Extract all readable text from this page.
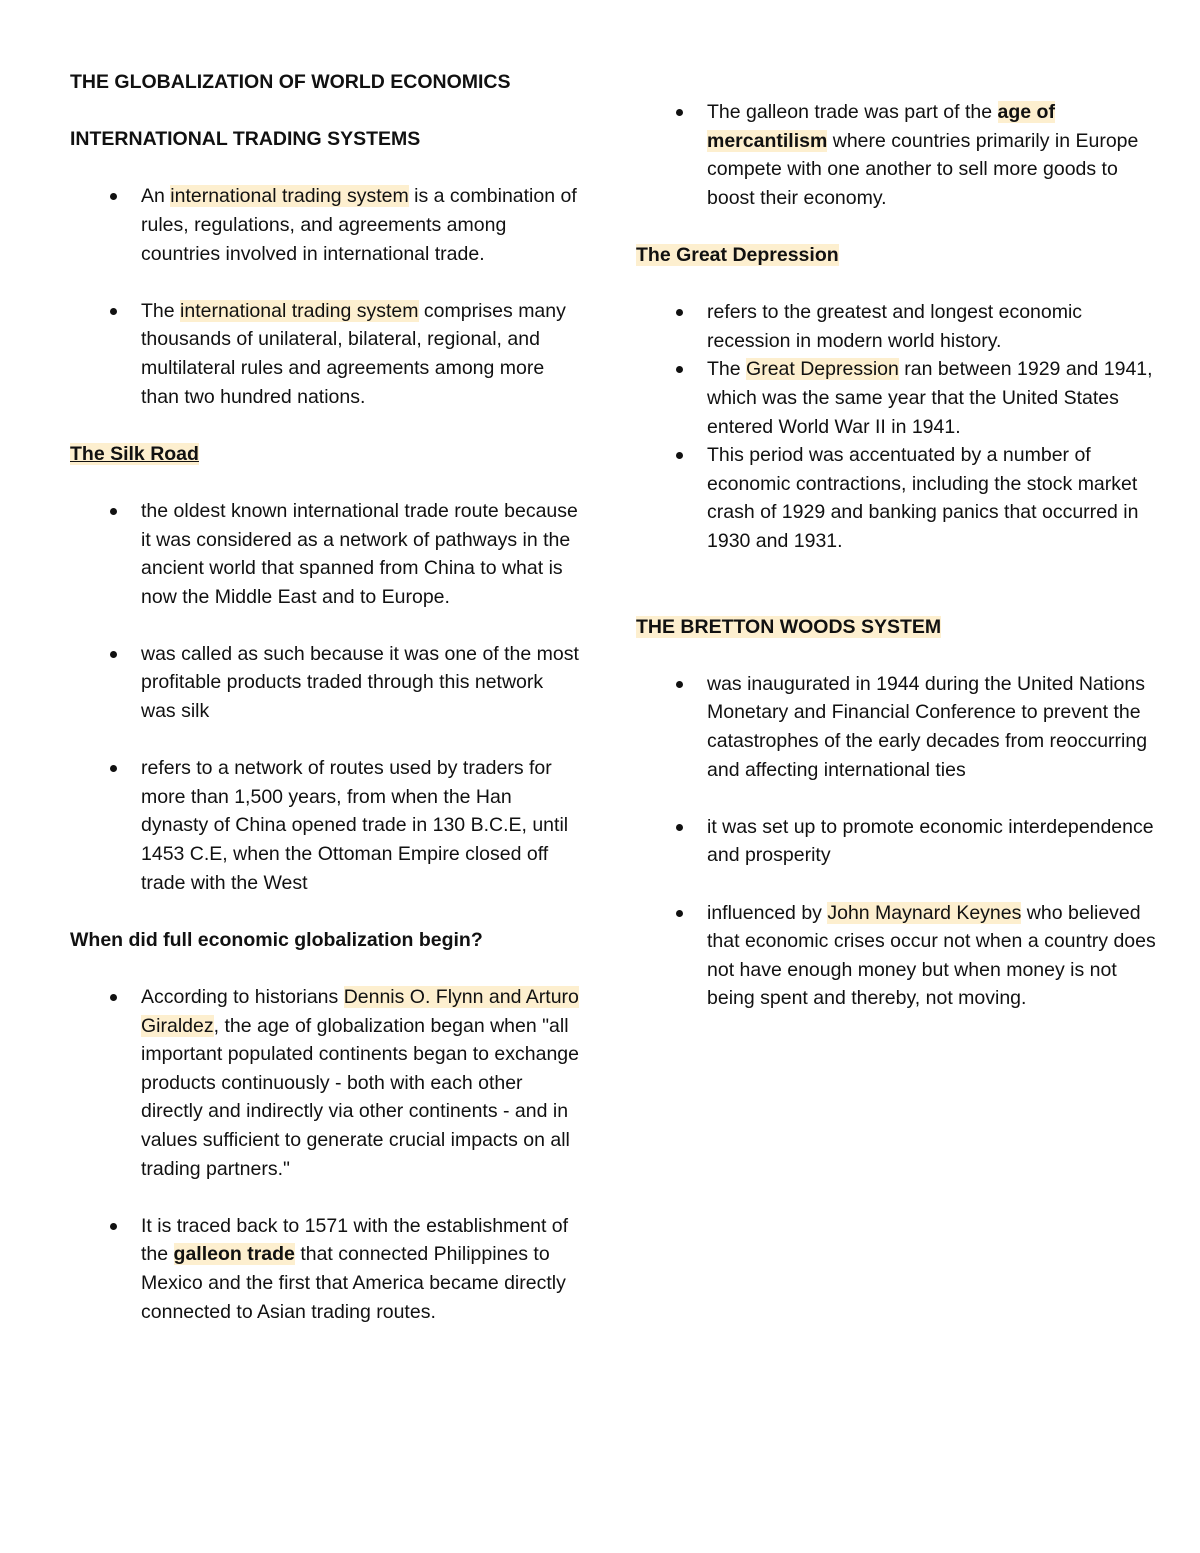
THE GLOBALIZATION OF WORLD ECONOMICS

INTERNATIONAL TRADING SYSTEMS

An international trading system is a combination of rules, regulations, and agreements among countries involved in international trade.
The international trading system comprises many thousands of unilateral, bilateral, regional, and multilateral rules and agreements among more than two hundred nations.

The Silk Road

the oldest known international trade route because it was considered as a network of pathways in the ancient world that spanned from China to what is now the Middle East and to Europe.
was called as such because it was one of the most profitable products traded through this network was silk
refers to a network of routes used by traders for more than 1,500 years, from when the Han dynasty of China opened trade in 130 B.C.E, until 1453 C.E, when the Ottoman Empire closed off trade with the West

When did full economic globalization begin?

According to historians Dennis O. Flynn and Arturo Giraldez, the age of globalization began when "all important populated continents began to exchange products continuously - both with each other directly and indirectly via other continents - and in values sufficient to generate crucial impacts on all trading partners."
It is traced back to 1571 with the establishment of the galleon trade that connected Philippines to Mexico and the first that America became directly connected to Asian trading routes.
The galleon trade was part of the age of mercantilism where countries primarily in Europe compete with one another to sell more goods to boost their economy.

The Great Depression

refers to the greatest and longest economic recession in modern world history.
The Great Depression ran between 1929 and 1941, which was the same year that the United States entered World War II in 1941.
This period was accentuated by a number of economic contractions, including the stock market crash of 1929 and banking panics that occurred in 1930 and 1931.

THE BRETTON WOODS SYSTEM

was inaugurated in 1944 during the United Nations Monetary and Financial Conference to prevent the catastrophes of the early decades from reoccurring and affecting international ties
it was set up to promote economic interdependence and prosperity
influenced by John Maynard Keynes who believed that economic crises occur not when a country does not have enough money but when money is not being spent and thereby, not moving.
